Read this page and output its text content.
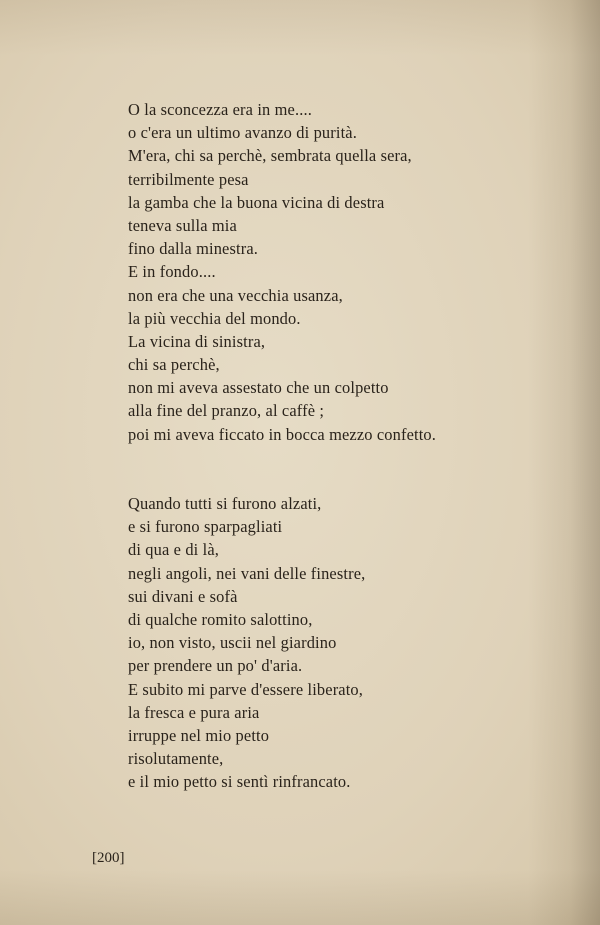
O la sconcezza era in me....
o c'era un ultimo avanzo di purità.
M'era, chi sa perchè, sembrata quella sera,
terribilmente pesa
la gamba che la buona vicina di destra
teneva sulla mia
fino dalla minestra.
E in fondo....
non era che una vecchia usanza,
la più vecchia del mondo.
La vicina di sinistra,
chi sa perchè,
non mi aveva assestato che un colpetto
alla fine del pranzo, al caffè ;
poi mi aveva ficcato in bocca mezzo confetto.
Quando tutti si furono alzati,
e si furono sparpagliati
di qua e di là,
negli angoli, nei vani delle finestre,
sui divani e sofà
di qualche romito salottino,
io, non visto, uscii nel giardino
per prendere un po' d'aria.
E subito mi parve d'essere liberato,
la fresca e pura aria
irruppe nel mio petto
risolutamente,
e il mio petto si sentì rinfrancato.
[200]
